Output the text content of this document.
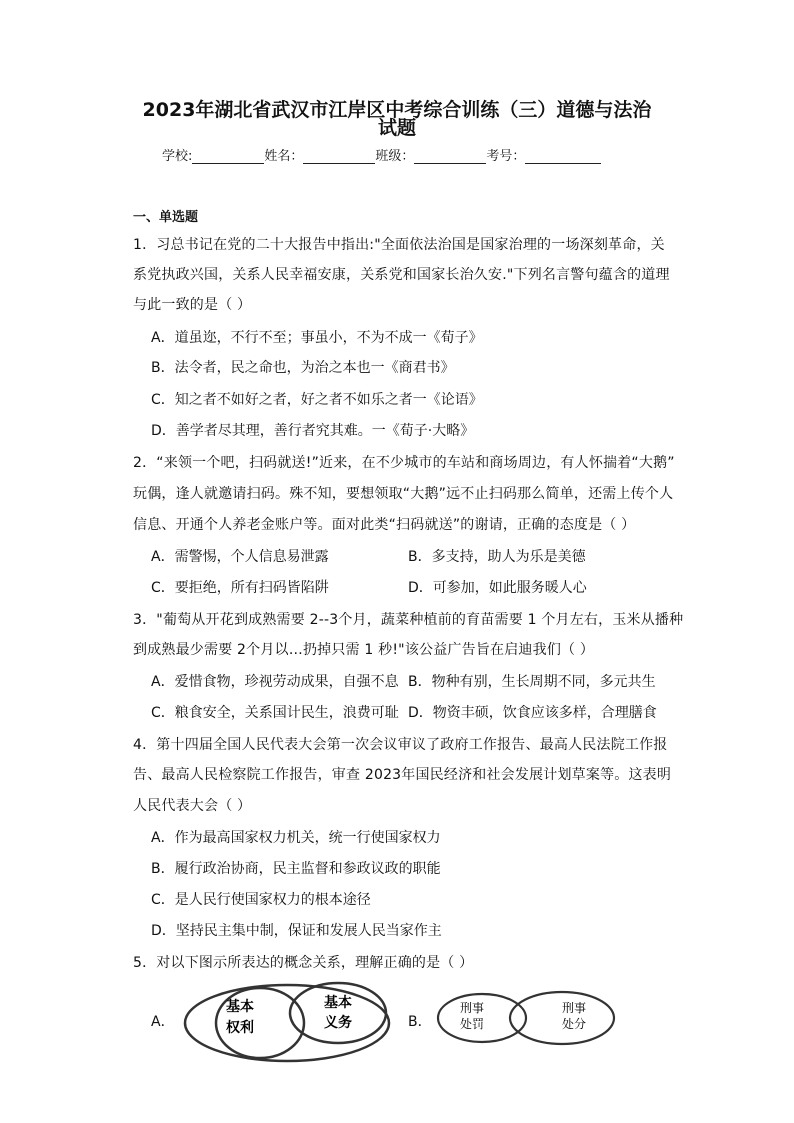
2023年湖北省武汉市江岸区中考综合训练（三）道德与法治
试题
学校:	姓名：	班级：	考号：
一、单选题
1．习总书记在党的二十大报告中指出:"全面依法治国是国家治理的一场深刻革命，关
系党执政兴国，关系人民幸福安康，关系党和国家长治久安."下列名言警句蕴含的道理
与此一致的是（ ）
A．道虽迩，不行不至；事虽小，不为不成一《荀子》
B．法令者，民之命也，为治之本也一《商君书》
C．知之者不如好之者，好之者不如乐之者一《论语》
D．善学者尽其理，善行者究其难。一《荀子·大略》
2．“来领一个吧，扫码就送!”近来，在不少城市的车站和商场周边，有人怀揣着“大鹅”
玩偶，逢人就邀请扫码。殊不知，要想领取“大鹅”远不止扫码那么简单，还需上传个人
信息、开通个人养老金账户等。面对此类“扫码就送”的谢请，正确的态度是（ ）
A．需警惕，个人信息易泄露	B．多支持，助人为乐是美德
C．要拒绝，所有扫码皆陷阱	D．可参加，如此服务暖人心
3．"葡萄从开花到成熟需要 2--3个月，蔬菜种植前的育苗需要 1 个月左右，玉米从播种
到成熟最少需要 2个月以…扔掉只需 1 秒!"该公益广告旨在启迪我们（ ）
A．爱惜食物，珍视劳动成果，自强不息 B．物种有别，生长周期不同，多元共生
C．粮食安全，关系国计民生，浪费可耻 D．物资丰硕，饮食应该多样，合理膳食
4．第十四届全国人民代表大会第一次会议审议了政府工作报告、最高人民法院工作报
告、最高人民检察院工作报告，审查 2023年国民经济和社会发展计划草案等。这表明
人民代表大会（ ）
A．作为最高国家权力机关，统一行使国家权力
B．履行政治协商，民主监督和参政议政的职能
C．是人民行使国家权力的根本途径
D．坚持民主集中制，保证和发展人民当家作主
5．对以下图示所表达的概念关系，理解正确的是（ ）
A．	B．
基本
权利
基本
义务
刑事
处罚
刑事
处分
